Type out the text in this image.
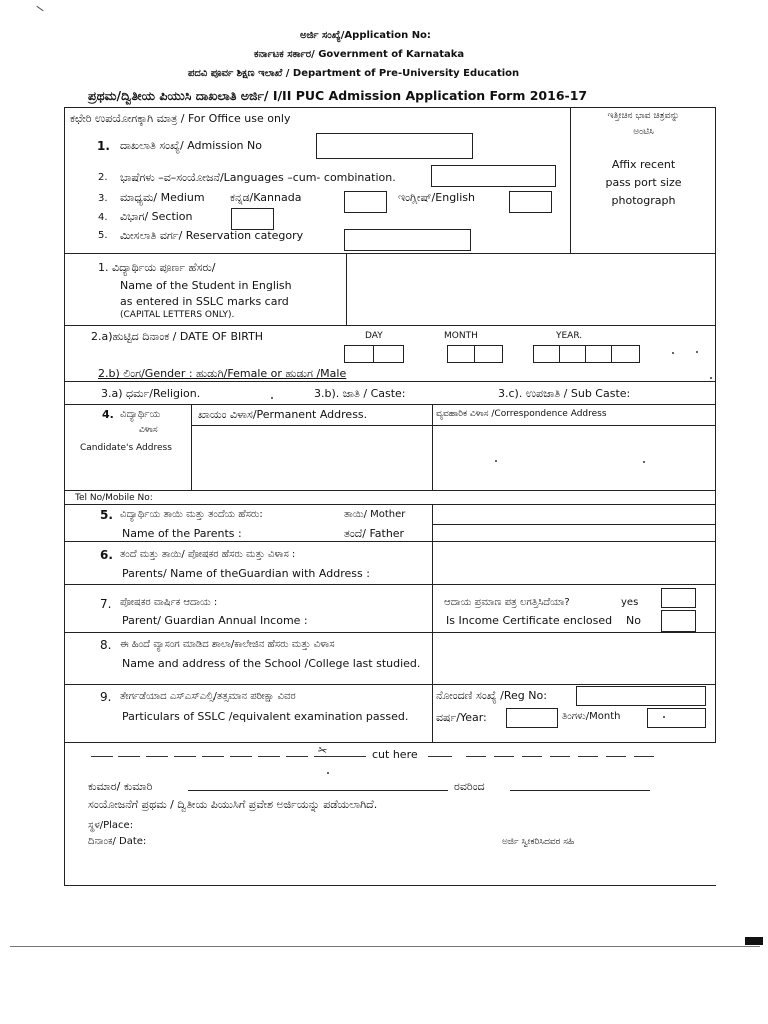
ಅರ್ಜಿ ಸಂಖ್ಯೆ/Application No:
ಕರ್ನಾಟಕ ಸರ್ಕಾರ/ Government of Karnataka
ಪದವಿ ಪೂರ್ವ ಶಿಕ್ಷಣ ಇಲಾಖೆ / Department of Pre-University Education
ಪ್ರಥಮ/ದ್ವಿತೀಯ ಪಿಯುಸಿ ದಾಖಲಾತಿ ಅರ್ಜಿ/ I/II PUC Admission Application Form 2016-17
ಕಛೇರಿ ಉಪಯೋಗಕ್ಕಾಗಿ ಮಾತ್ರ / For Office use only
1. ದಾಖಲಾತಿ ಸಂಖ್ಯೆ/ Admission No
2. ಭಾಷೆಗಳು –ವ–ಸಂಯೋಜನೆ/Languages –cum- combination.
3. ಮಾಧ್ಯಮ/ Medium ಕನ್ನಡ/Kannada	ಇಂಗ್ಲೀಷ್/English
4. ವಿಭಾಗ/ Section
5. ಮೀಸಲಾತಿ ವರ್ಗ/ Reservation category
ಇತ್ತೀಚಿನ ಭಾವ ಚಿತ್ರವನ್ನು
ಅಂಟಿಸಿ
Affix recent
pass port size
photograph
1. ವಿದ್ಯಾರ್ಥಿಯ ಪೂರ್ಣ ಹೆಸರು/
Name of the Student in English
as entered in SSLC marks card
(CAPITAL LETTERS ONLY).
2.a)ಹುಟ್ಟಿದ ದಿನಾಂಕ / DATE OF BIRTH	DAY	MONTH	YEAR.
2.b) ಲಿಂಗ/Gender : ಹುಡುಗಿ/Female or ಹುಡುಗ /Male
3.a) ಧರ್ಮ/Religion.	3.b). ಜಾತಿ / Caste:	3.c). ಉಪಜಾತಿ / Sub Caste:
4. ವಿದ್ಯಾರ್ಥಿಯ
ವಿಳಾಸ
Candidate's Address
ಖಾಯಂ ವಿಳಾಸ/Permanent Address.	ವ್ಯವಹಾರಿಕ ವಿಳಾಸ /Correspondence Address
Tel No/Mobile No:
5. ವಿದ್ಯಾರ್ಥಿಯ ತಾಯಿ ಮತ್ತು ತಂದೆಯ ಹೆಸರು:
Name of the Parents :
ತಾಯಿ/ Mother
ತಂದೆ/ Father
6. ತಂದೆ ಮತ್ತು ತಾಯಿ/ ಪೋಷಕರ ಹೆಸರು ಮತ್ತು ವಿಳಾಸ :
Parents/ Name of theGuardian with Address :
7. ಪೋಷಕರ ವಾರ್ಷಿಕ ಆದಾಯ :
Parent/ Guardian Annual Income :
ಆದಾಯ ಪ್ರಮಾಣ ಪತ್ರ ಲಗತ್ತಿಸಿದೆಯಾ?	yes
Is Income Certificate enclosed No
8. ಈ ಹಿಂದೆ ವ್ಯಾಸಂಗ ಮಾಡಿದ ಶಾಲಾ/ಕಾಲೇಜಿನ ಹೆಸರು ಮತ್ತು ವಿಳಾಸ
Name and address of the School /College last studied.
9. ತೇರ್ಗಡೆಯಾದ ಎಸ್ಎಸ್ಎಲ್ಸಿ/ತತ್ಸಮಾನ ಪರೀಕ್ಷಾ ವಿವರ
Particulars of SSLC /equivalent examination passed.
ನೋಂದಣಿ ಸಂಖ್ಯೆ /Reg No:
ವರ್ಷ/Year:	ತಿಂಗಳು/Month
cut here
✂
ಕುಮಾರ/ ಕುಮಾರಿ	ರವರಿಂದ
ಸಂಯೋಜನೆಗೆ ಪ್ರಥಮ / ದ್ವಿತೀಯ ಪಿಯುಸಿಗೆ ಪ್ರವೇಶ ಅರ್ಜಿಯನ್ನು ಪಡೆಯಲಾಗಿದೆ.
ಸ್ಥಳ/Place:
ದಿನಾಂಕ/ Date:	ಅರ್ಜಿ ಸ್ವೀಕರಿಸಿದವರ ಸಹಿ
